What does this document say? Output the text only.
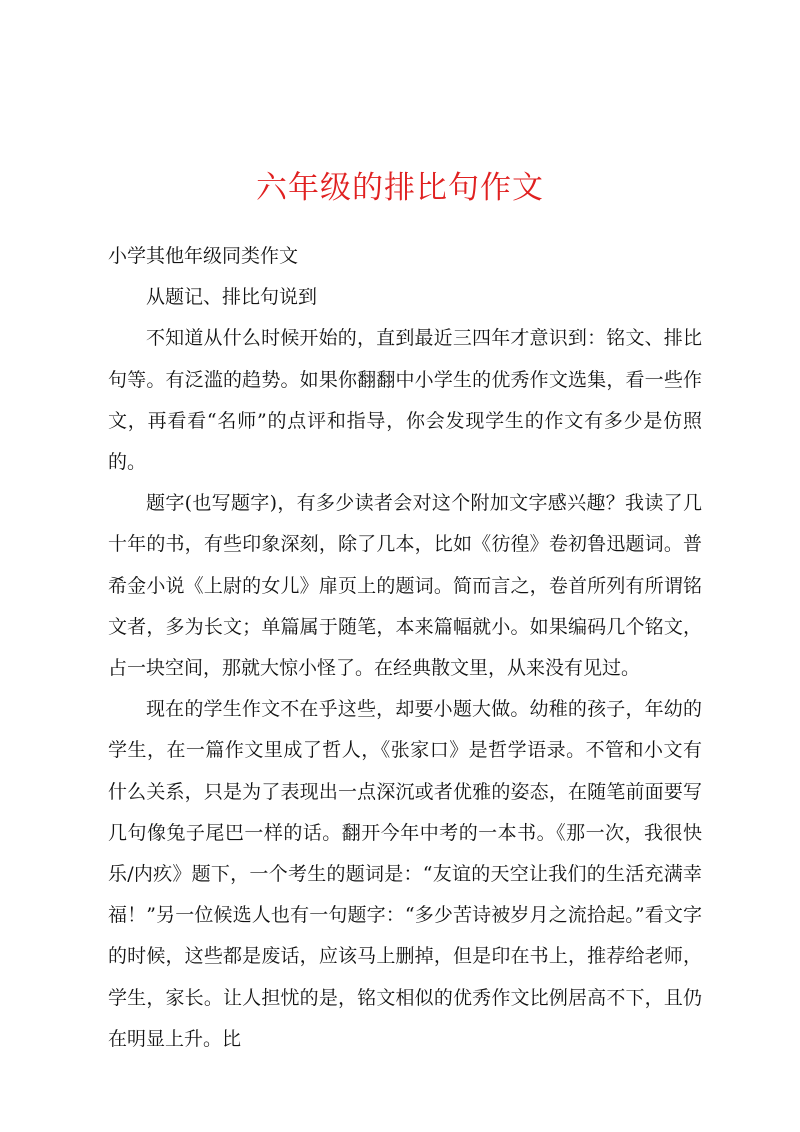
六年级的排比句作文

小学其他年级同类作文

从题记、排比句说到

不知道从什么时候开始的，直到最近三四年才意识到：铭文、排比句等。有泛滥的趋势。如果你翻翻中小学生的优秀作文选集，看一些作文，再看看“名师”的点评和指导，你会发现学生的作文有多少是仿照的。

题字(也写题字)，有多少读者会对这个附加文字感兴趣？我读了几十年的书，有些印象深刻，除了几本，比如《彷徨》卷初鲁迅题词。普希金小说《上尉的女儿》扉页上的题词。简而言之，卷首所列有所谓铭文者，多为长文；单篇属于随笔，本来篇幅就小。如果编码几个铭文，占一块空间，那就大惊小怪了。在经典散文里，从来没有见过。

现在的学生作文不在乎这些，却要小题大做。幼稚的孩子，年幼的学生，在一篇作文里成了哲人，《张家口》是哲学语录。不管和小文有什么关系，只是为了表现出一点深沉或者优雅的姿态，在随笔前面要写几句像兔子尾巴一样的话。翻开今年中考的一本书。《那一次，我很快乐/内疚》题下，一个考生的题词是：“友谊的天空让我们的生活充满幸福！”另一位候选人也有一句题字：“多少苦诗被岁月之流拾起。”看文字的时候，这些都是废话，应该马上删掉，但是印在书上，推荐给老师，学生，家长。让人担忧的是，铭文相似的优秀作文比例居高不下，且仍在明显上升。比
